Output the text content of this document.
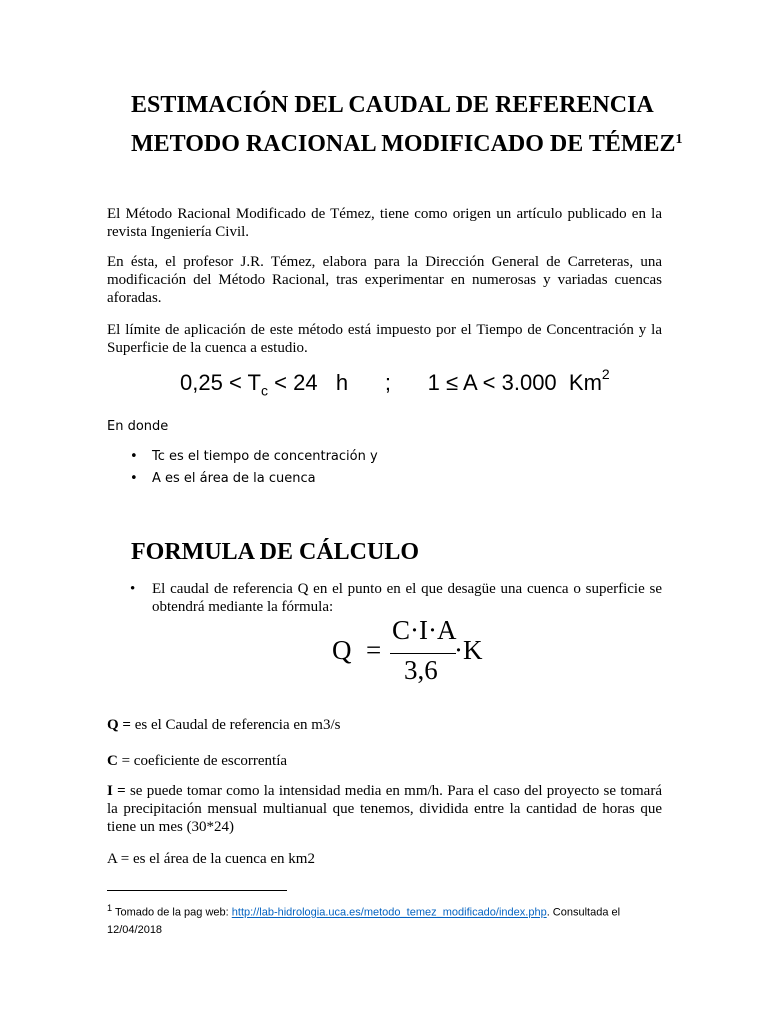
ESTIMACIÓN DEL CAUDAL DE REFERENCIA
METODO RACIONAL MODIFICADO DE TÉMEZ$^1$

El Método Racional Modificado de Témez, tiene como origen un artículo publicado en la revista Ingeniería Civil.

En ésta, el profesor J.R. Témez, elabora para la Dirección General de Carreteras, una modificación del Método Racional, tras experimentar en numerosas y variadas cuencas aforadas.

El límite de aplicación de este método está impuesto por el Tiempo de Concentración y la Superficie de la cuenca a estudio.

$0,25 < T_c < 24$ h ; 1 ≤ A < 3.000 Km$^2$

En donde

• Tc es el tiempo de concentración y
• A es el área de la cuenca
FORMULA DE CÁLCULO
• El caudal de referencia Q en el punto en el que desagüe una cuenca o superficie se obtendrá mediante la fórmula:
Q =
C·I·A
3,6
·K

Q = es el Caudal de referencia en m3/s

C = coeficiente de escorrentía

I = se puede tomar como la intensidad media en mm/h. Para el caso del proyecto se tomará la precipitación mensual multianual que tenemos, dividida entre la cantidad de horas que tiene un mes (30*24)

A = es el área de la cuenca en km2

$^1$ Tomado de la pag web: http://lab-hidrologia.uca.es/metodo_temez_modificado/index.php. Consultada el 12/04/2018
